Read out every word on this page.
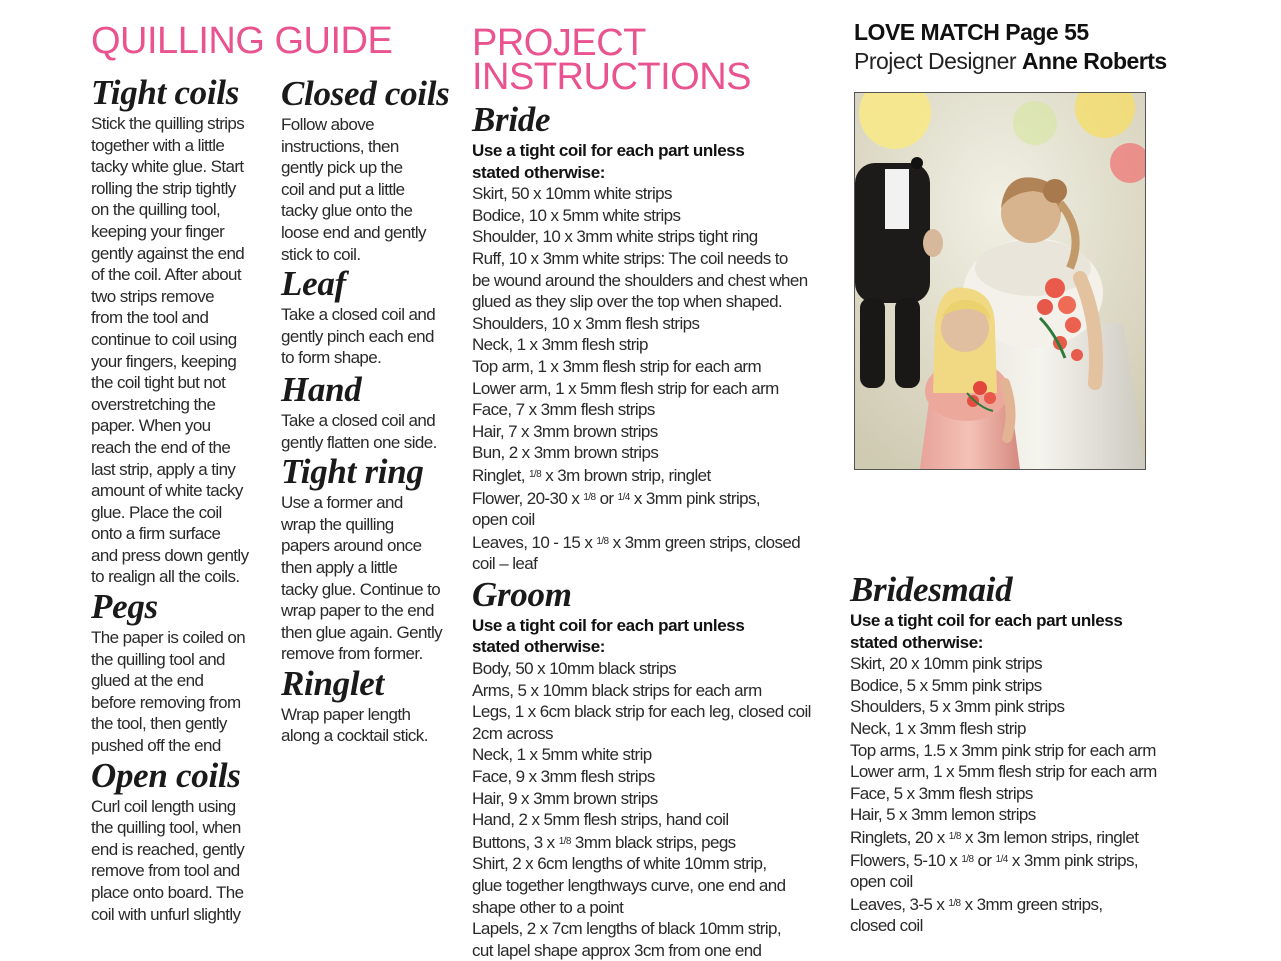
QUILLING GUIDE
Tight coils
Stick the quilling strips
together with a little
tacky white glue. Start
rolling the strip tightly
on the quilling tool,
keeping your finger
gently against the end
of the coil. After about
two strips remove
from the tool and
continue to coil using
your fingers, keeping
the coil tight but not
overstretching the
paper. When you
reach the end of the
last strip, apply a tiny
amount of white tacky
glue. Place the coil
onto a firm surface
and press down gently
to realign all the coils.
Pegs
The paper is coiled on
the quilling tool and
glued at the end
before removing from
the tool, then gently
pushed off the end
Open coils
Curl coil length using
the quilling tool, when
end is reached, gently
remove from tool and
place onto board. The
coil with unfurl slightly
Closed coils
Follow above
instructions, then
gently pick up the
coil and put a little
tacky glue onto the
loose end and gently
stick to coil.
Leaf
Take a closed coil and
gently pinch each end
to form shape.
Hand
Take a closed coil and
gently flatten one side.
Tight ring
Use a former and
wrap the quilling
papers around once
then apply a little
tacky glue. Continue to
wrap paper to the end
then glue again. Gently
remove from former.
Ringlet
Wrap paper length
along a cocktail stick.
PROJECT
INSTRUCTIONS
Bride

Use a tight coil for each part unless stated otherwise:

Skirt, 50 x 10mm white strips
Bodice, 10 x 5mm white strips
Shoulder, 10 x 3mm white strips tight ring
Ruff, 10 x 3mm white strips: The coil needs to
be wound around the shoulders and chest when
glued as they slip over the top when shaped.
Shoulders, 10 x 3mm flesh strips
Neck, 1 x 3mm flesh strip
Top arm, 1 x 3mm flesh strip for each arm
Lower arm, 1 x 5mm flesh strip for each arm
Face, 7 x 3mm flesh strips
Hair, 7 x 3mm brown strips
Bun, 2 x 3mm brown strips
Ringlet, $^{1/8}$ x 3m brown strip, ringlet
Flower, 20-30 x $^{1/8}$ or $^{1/4}$ x 3mm pink strips,
open coil
Leaves, 10 - 15 x $^{1/8}$ x 3mm green strips, closed
coil – leaf
Groom

Use a tight coil for each part unless stated otherwise:

Body, 50 x 10mm black strips
Arms, 5 x 10mm black strips for each arm
Legs, 1 x 6cm black strip for each leg, closed coil
2cm across
Neck, 1 x 5mm white strip
Face, 9 x 3mm flesh strips
Hair, 9 x 3mm brown strips
Hand, 2 x 5mm flesh strips, hand coil
Buttons, 3 x $^{1/8}$ 3mm black strips, pegs
Shirt, 2 x 6cm lengths of white 10mm strip,
glue together lengthways curve, one end and
shape other to a point
Lapels, 2 x 7cm lengths of black 10mm strip,
cut lapel shape approx 3cm from one end
LOVE MATCH Page 55
Project Designer Anne Roberts
Bridesmaid

Use a tight coil for each part unless stated otherwise:

Skirt, 20 x 10mm pink strips
Bodice, 5 x 5mm pink strips
Shoulders, 5 x 3mm pink strips
Neck, 1 x 3mm flesh strip
Top arms, 1.5 x 3mm pink strip for each arm
Lower arm, 1 x 5mm flesh strip for each arm
Face, 5 x 3mm flesh strips
Hair, 5 x 3mm lemon strips
Ringlets, 20 x $^{1/8}$ x 3m lemon strips, ringlet
Flowers, 5-10 x $^{1/8}$ or $^{1/4}$ x 3mm pink strips,
open coil
Leaves, 3-5 x $^{1/8}$ x 3mm green strips,
closed coil
